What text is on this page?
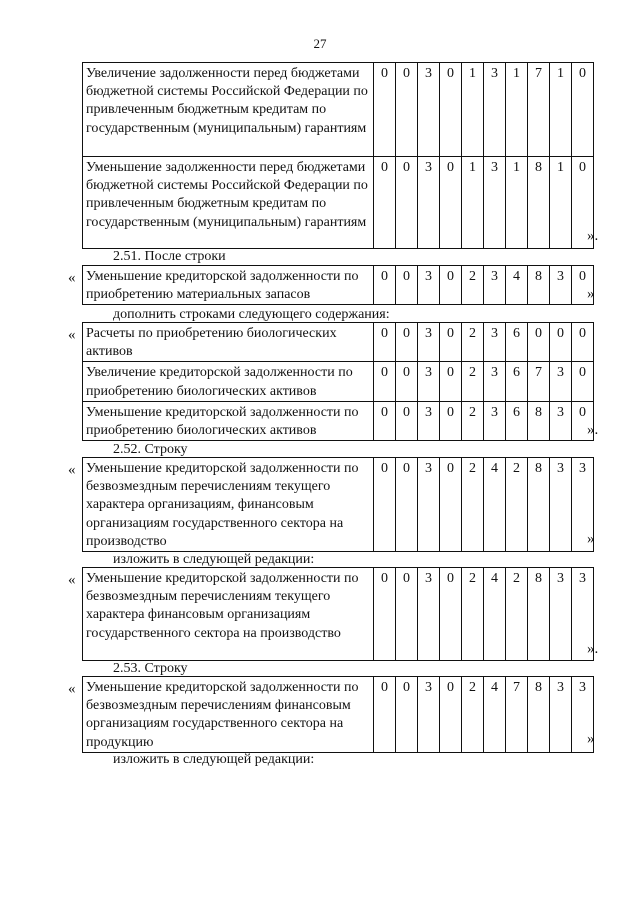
27
Увеличение задолженности перед бюджетами бюджетной системы Российской Федерации по привлеченным бюджетным кредитам по государственным (муниципальным) гарантиям	0	0	3	0	1	3	1	7	1	0
Уменьшение задолженности перед бюджетами бюджетной системы Российской Федерации по привлеченным бюджетным кредитам по государственным (муниципальным) гарантиям	0	0	3	0	1	3	1	8	1	0
».
2.51. После строки
« Уменьшение кредиторской задолженности по приобретению материальных запасов	0	0	3	0	2	3	4	8	3	0
»
дополнить строками следующего содержания:
« Расчеты по приобретению биологических активов	0	0	3	0	2	3	6	0	0	0
Увеличение кредиторской задолженности по приобретению биологических активов	0	0	3	0	2	3	6	7	3	0
Уменьшение кредиторской задолженности по приобретению биологических активов	0	0	3	0	2	3	6	8	3	0
».
2.52. Строку
« Уменьшение кредиторской задолженности по безвозмездным перечислениям текущего характера организациям, финансовым организациям государственного сектора на производство	0	0	3	0	2	4	2	8	3	3
»
изложить в следующей редакции:
« Уменьшение кредиторской задолженности по безвозмездным перечислениям текущего характера финансовым организациям государственного сектора на производство	0	0	3	0	2	4	2	8	3	3
».
2.53. Строку
« Уменьшение кредиторской задолженности по безвозмездным перечислениям финансовым организациям государственного сектора на продукцию	0	0	3	0	2	4	7	8	3	3
»
изложить в следующей редакции:
